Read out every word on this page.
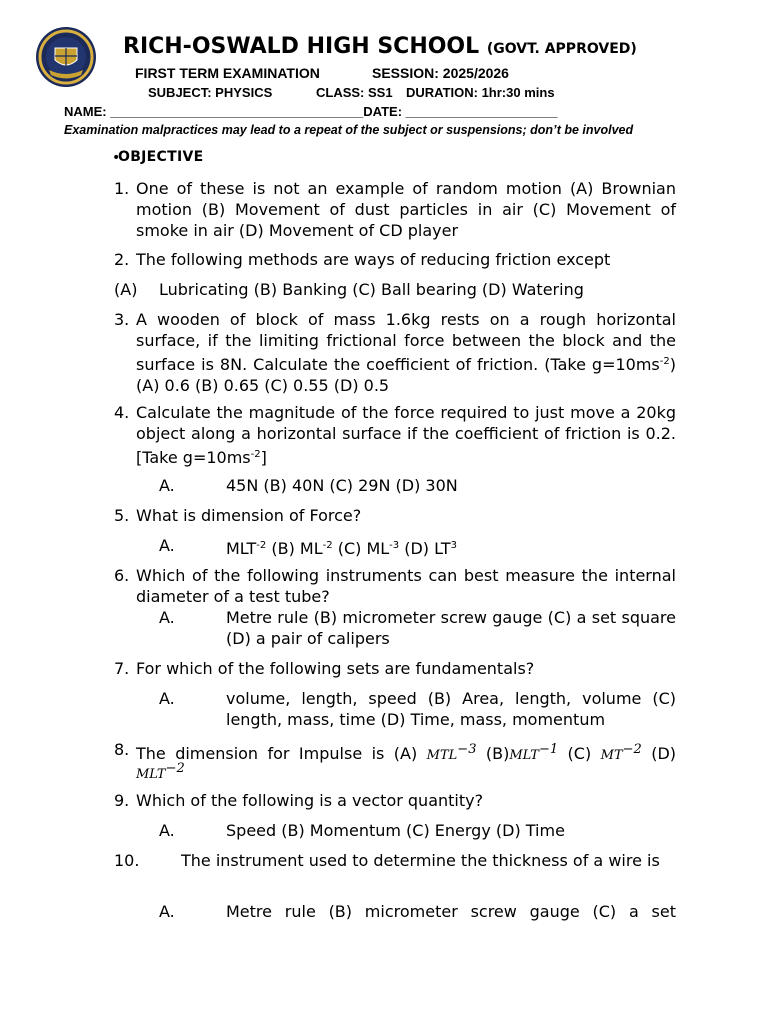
RICH-OSWALD HIGH SCHOOL (GOVT. APPROVED)
FIRST TERM EXAMINATION	SESSION: 2025/2026
SUBJECT: PHYSICS	CLASS: SS1 DURATION: 1hr:30 mins
NAME: ___________________________________DATE: _____________________
Examination malpractices may lead to a repeat of the subject or suspensions; don’t be involved
•
OBJECTIVE
1. One of these is not an example of random motion (A) Brownian motion (B) Movement of dust particles in air (C) Movement of smoke in air (D) Movement of CD player
2. The following methods are ways of reducing friction except
(A) Lubricating (B) Banking (C) Ball bearing (D) Watering
3. A wooden of block of mass 1.6kg rests on a rough horizontal surface, if the limiting frictional force between the block and the surface is 8N. Calculate the coefficient of friction. (Take $g=10ms^{-2}$) (A) 0.6 (B) 0.65 (C) 0.55 (D) 0.5
4. Calculate the magnitude of the force required to just move a 20kg object along a horizontal surface if the coefficient of friction is 0.2. [Take $g=10ms^{-2}$]
A.	45N (B) 40N (C) 29N (D) 30N
5. What is dimension of Force?
A.	$MLT^{-2}$ (B) $ML^{-2}$ (C) $ML^{-3}$ (D) $LT^3$
6. Which of the following instruments can best measure the internal diameter of a test tube?
A.	Metre rule (B) micrometer screw gauge (C) a set square (D) a pair of calipers
7. For which of the following sets are fundamentals?
A.	volume, length, speed (B) Area, length, volume (C) length, mass, time (D) Time, mass, momentum
8. The dimension for Impulse is (A) $MTL^{-3}$ $(B)MLT^{-1}$ (C) $MT^{-2}$ (D)
MLT−2
9. Which of the following is a vector quantity?
A.	Speed (B) Momentum (C) Energy (D) Time
10.	The instrument used to determine the thickness of a wire is
A.	Metre rule (B) micrometer screw gauge (C) a set
